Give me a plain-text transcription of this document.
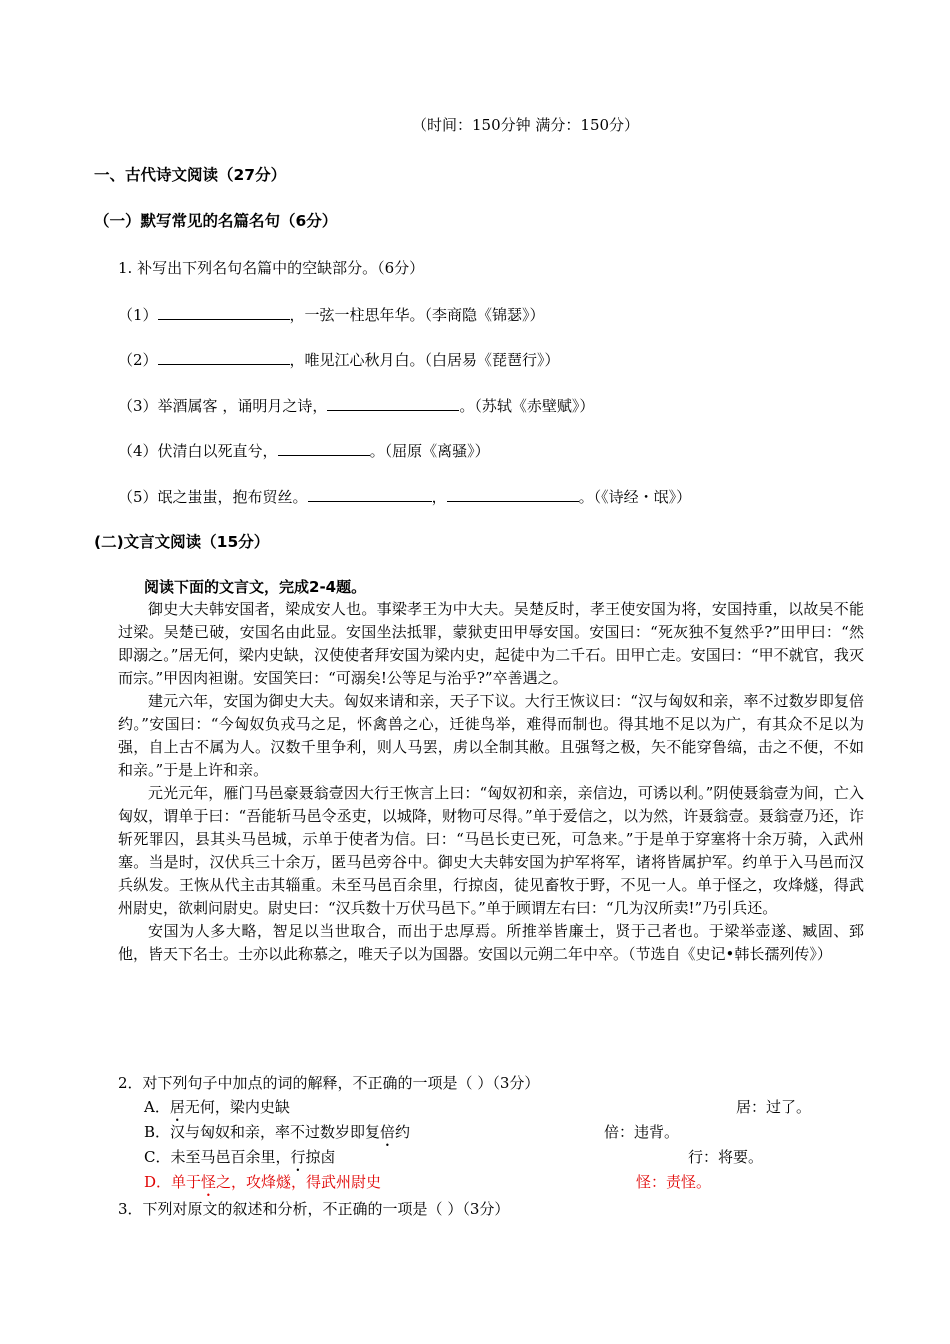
（时间：150分钟 满分：150分）
一、古代诗文阅读（27分）
（一）默写常见的名篇名句（6分）
1. 补写出下列名句名篇中的空缺部分。（6分）
（1）	，一弦一柱思年华。（李商隐《锦瑟》）
（2）	，唯见江心秋月白。（白居易《琵琶行》）
（3）举酒属客 ，诵明月之诗，	。（苏轼《赤壁赋》）
（4）伏清白以死直兮，	。（屈原《离骚》）
（5）氓之蚩蚩，抱布贸丝。	，	。（《诗经・氓》）
(二)文言文阅读（15分）
阅读下面的文言文，完成2-4题。

御史大夫韩安国者，梁成安人也。事梁孝王为中大夫。吴楚反时，孝王使安国为将，安国持重，以故吴不能过梁。吴楚已破，安国名由此显。安国坐法抵罪，蒙狱吏田甲辱安国。安国曰：“死灰独不复然乎?”田甲曰：“然即溺之。”居无何，梁内史缺，汉使使者拜安国为梁内史，起徒中为二千石。田甲亡走。安国曰：“甲不就官，我灭而宗。”甲因肉袒谢。安国笑曰：“可溺矣!公等足与治乎?”卒善遇之。

建元六年，安国为御史大夫。匈奴来请和亲，天子下议。大行王恢议曰：“汉与匈奴和亲，率不过数岁即复倍约。”安国曰：“今匈奴负戎马之足，怀禽兽之心，迁徙鸟举，难得而制也。得其地不足以为广，有其众不足以为强，自上古不属为人。汉数千里争利，则人马罢，虏以全制其敝。且强弩之极，矢不能穿鲁缟，击之不便，不如和亲。”于是上许和亲。

元光元年，雁门马邑豪聂翁壹因大行王恢言上曰：“匈奴初和亲，亲信边，可诱以利。”阴使聂翁壹为间，亡入匈奴，谓单于曰：“吾能斩马邑令丞吏，以城降，财物可尽得。”单于爱信之，以为然，许聂翁壹。聂翁壹乃还，诈斩死罪囚，县其头马邑城，示单于使者为信。曰：“马邑长吏已死，可急来。”于是单于穿塞将十余万骑，入武州塞。当是时，汉伏兵三十余万，匿马邑旁谷中。御史大夫韩安国为护军将军，诸将皆属护军。约单于入马邑而汉兵纵发。王恢从代主击其辎重。未至马邑百余里，行掠卤，徒见畜牧于野，不见一人。单于怪之，攻烽燧，得武州尉史，欲刺问尉史。尉史曰：“汉兵数十万伏马邑下。”单于顾谓左右曰：“几为汉所卖!”乃引兵还。

安国为人多大略，智足以当世取合，而出于忠厚焉。所推举皆廉士，贤于己者也。于梁举壶遂、臧固、郅他，皆天下名士。士亦以此称慕之，唯天子以为国器。安国以元朔二年中卒。（节选自《史记•韩长孺列传》）

2．对下列句子中加点的词的解释，不正确的一项是（ ）（3分）
A．居无何，梁内史缺	居：过了。
B．汉与匈奴和亲，率不过数岁即复倍约	倍：违背。
C．未至马邑百余里，行掠卤	行：将要。
D．单于怪之，攻烽燧，得武州尉史	怪：责怪。
3．下列对原文的叙述和分析，不正确的一项是（ ）（3分）
